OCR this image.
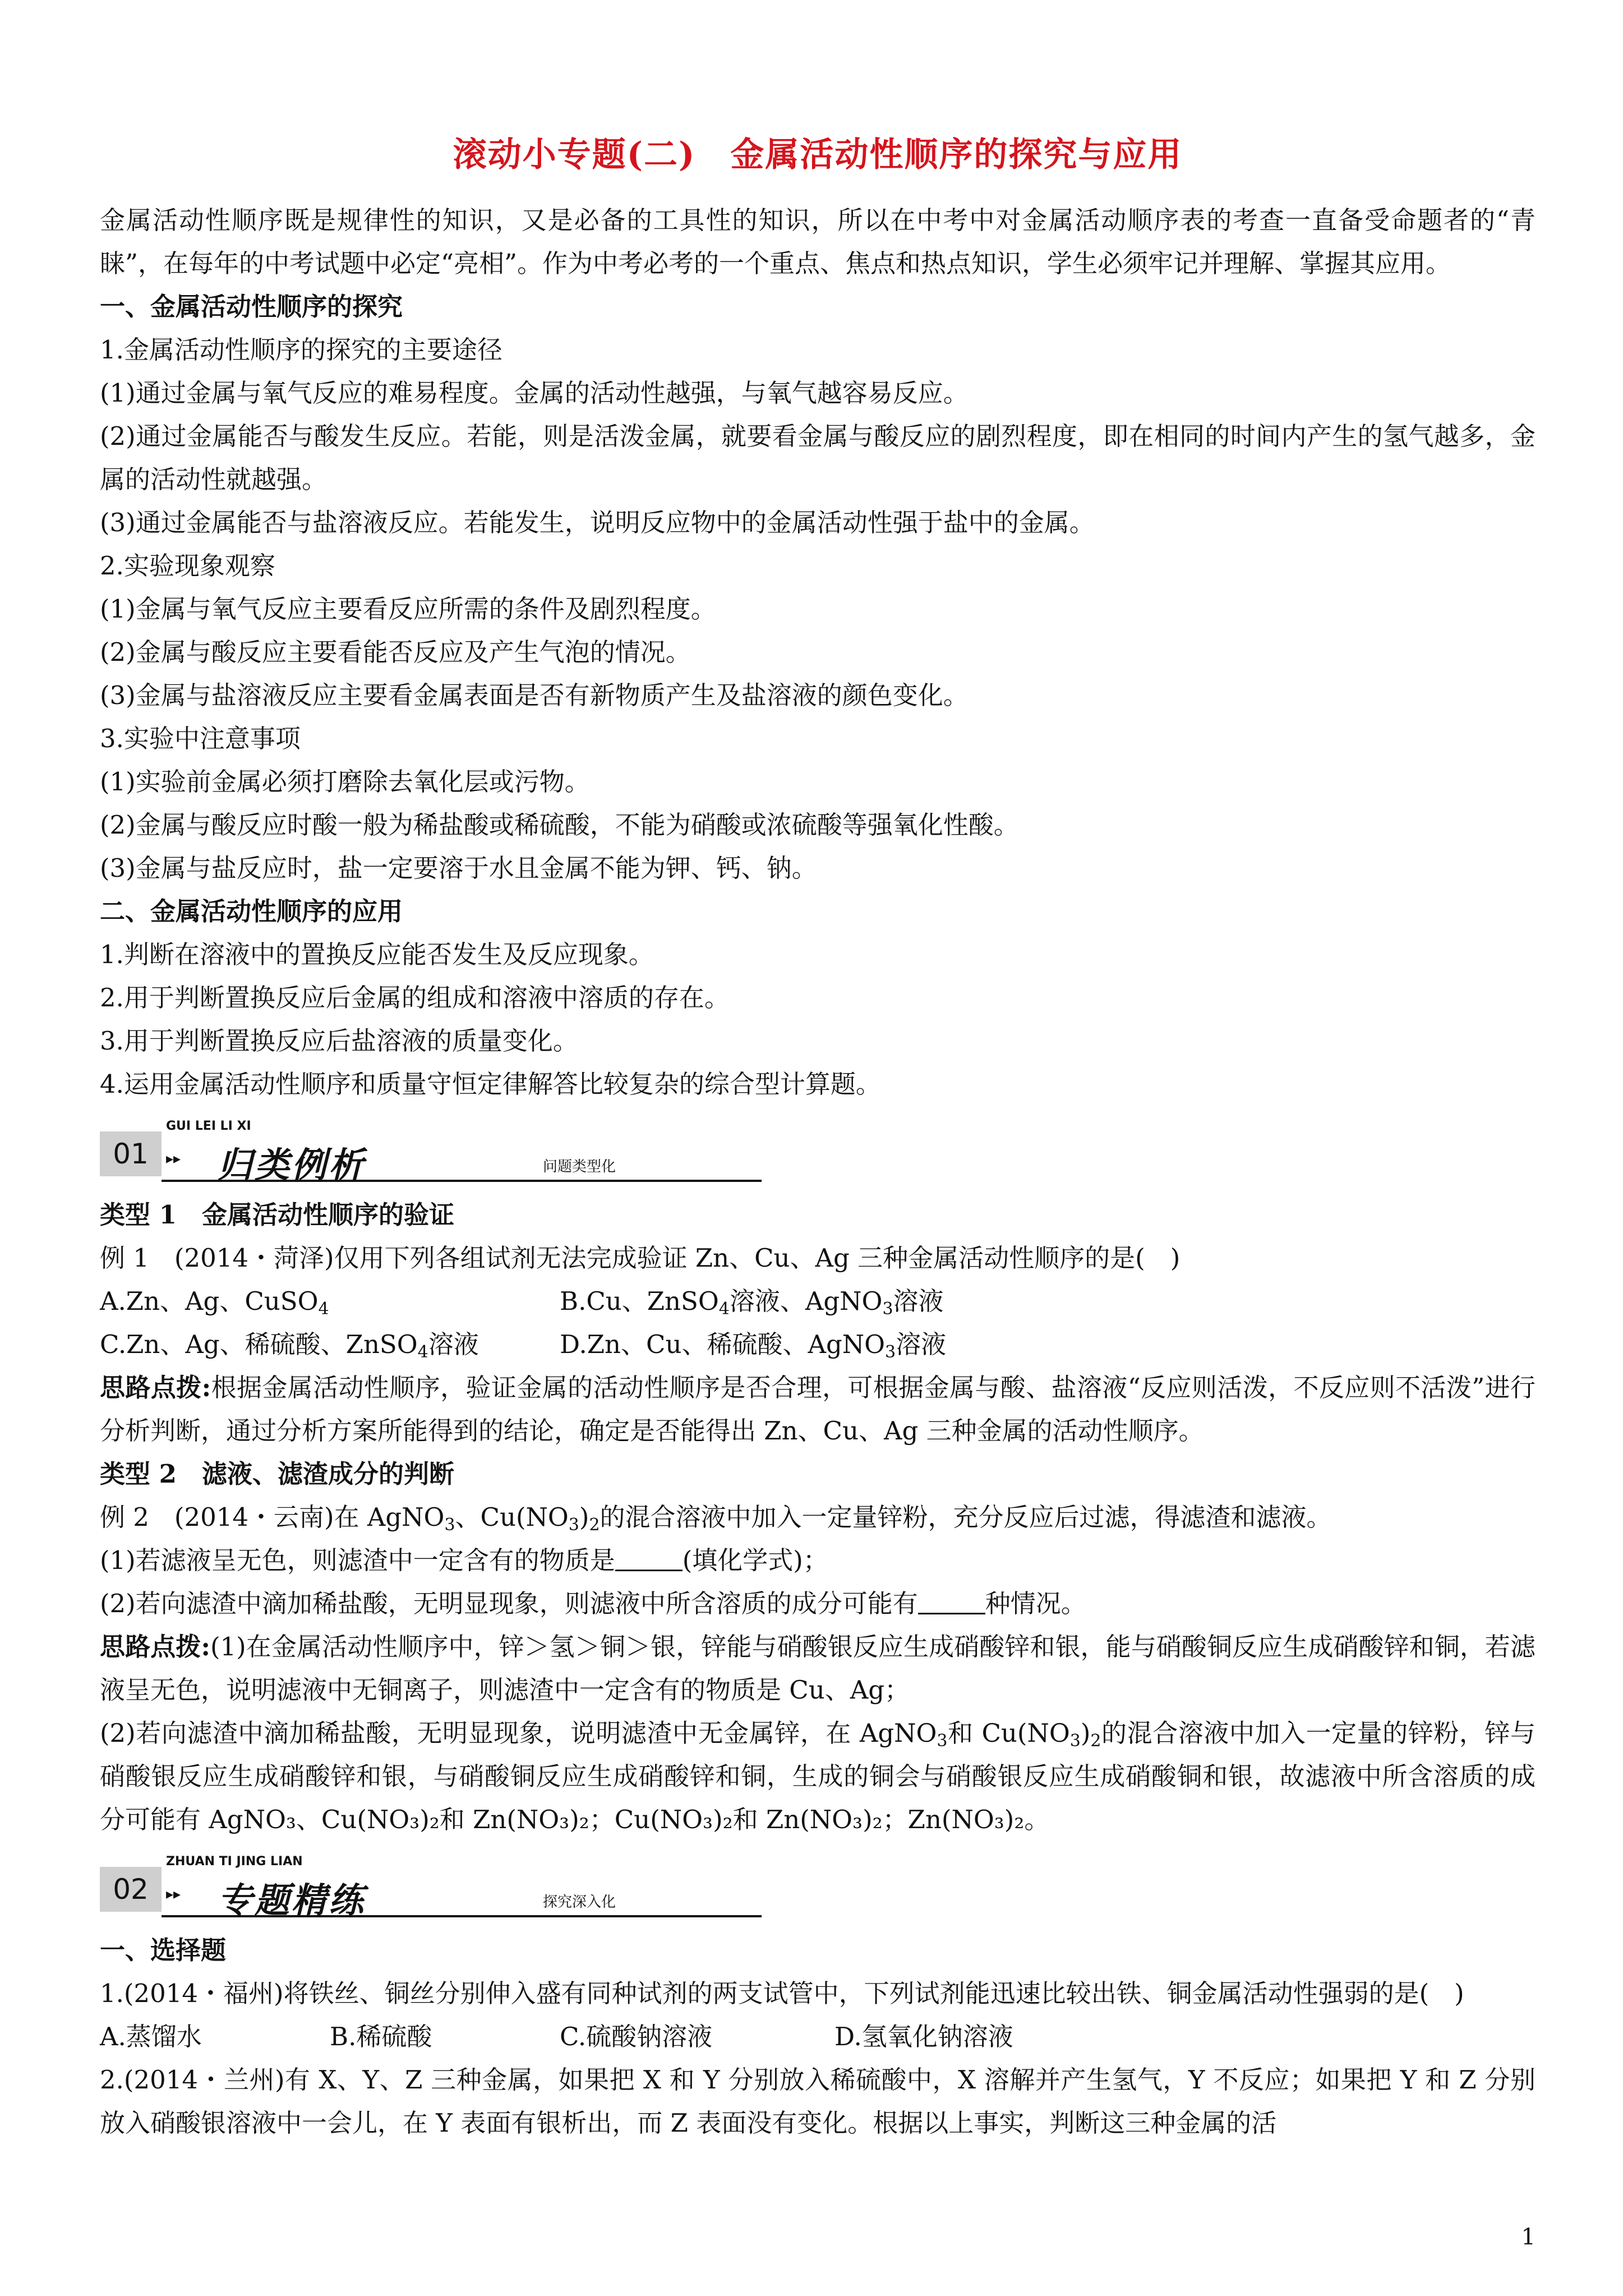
滚动小专题(二)　金属活动性顺序的探究与应用

金属活动性顺序既是规律性的知识，又是必备的工具性的知识，所以在中考中对金属活动顺序表的考查一直备受命题者的“青睐”，在每年的中考试题中必定“亮相”。作为中考必考的一个重点、焦点和热点知识，学生必须牢记并理解、掌握其应用。

一、金属活动性顺序的探究

1.金属活动性顺序的探究的主要途径

(1)通过金属与氧气反应的难易程度。金属的活动性越强，与氧气越容易反应。

(2)通过金属能否与酸发生反应。若能，则是活泼金属，就要看金属与酸反应的剧烈程度，即在相同的时间内产生的氢气越多，金属的活动性就越强。

(3)通过金属能否与盐溶液反应。若能发生，说明反应物中的金属活动性强于盐中的金属。

2.实验现象观察

(1)金属与氧气反应主要看反应所需的条件及剧烈程度。

(2)金属与酸反应主要看能否反应及产生气泡的情况。

(3)金属与盐溶液反应主要看金属表面是否有新物质产生及盐溶液的颜色变化。

3.实验中注意事项

(1)实验前金属必须打磨除去氧化层或污物。

(2)金属与酸反应时酸一般为稀盐酸或稀硫酸，不能为硝酸或浓硫酸等强氧化性酸。

(3)金属与盐反应时，盐一定要溶于水且金属不能为钾、钙、钠。

二、金属活动性顺序的应用

1.判断在溶液中的置换反应能否发生及反应现象。

2.用于判断置换反应后金属的组成和溶液中溶质的存在。

3.用于判断置换反应后盐溶液的质量变化。

4.运用金属活动性顺序和质量守恒定律解答比较复杂的综合型计算题。

01
GUI LEI LI XI
▸▸ 归类例析	问题类型化

类型 1　金属活动性顺序的验证

例 1　(2014・菏泽)仅用下列各组试剂无法完成验证 Zn、Cu、Ag 三种金属活动性顺序的是(　)

A.Zn、Ag、CuSO$_4$	B.Cu、ZnSO$_4$溶液、AgNO$_3$溶液
C.Zn、Ag、稀硫酸、ZnSO$_4$溶液	D.Zn、Cu、稀硫酸、AgNO$_3$溶液

思路点拨:根据金属活动性顺序，验证金属的活动性顺序是否合理，可根据金属与酸、盐溶液“反应则活泼，不反应则不活泼”进行分析判断，通过分析方案所能得到的结论，确定是否能得出 Zn、Cu、Ag 三种金属的活动性顺序。

类型 2　滤液、滤渣成分的判断

例 2　(2014・云南)在 AgNO$_3$、$Cu(NO_3)_2$的混合溶液中加入一定量锌粉，充分反应后过滤，得滤渣和滤液。

(1)若滤液呈无色，则滤渣中一定含有的物质是	(填化学式)；

(2)若向滤渣中滴加稀盐酸，无明显现象，则滤液中所含溶质的成分可能有	种情况。

思路点拨:(1)在金属活动性顺序中，锌＞氢＞铜＞银，锌能与硝酸银反应生成硝酸锌和银，能与硝酸铜反应生成硝酸锌和铜，若滤液呈无色，说明滤液中无铜离子，则滤渣中一定含有的物质是 Cu、Ag；

(2)若向滤渣中滴加稀盐酸，无明显现象，说明滤渣中无金属锌，在 AgNO$_3$和 $Cu(NO_3)_2$的混合溶液中加入一定量的锌粉，锌与硝酸银反应生成硝酸锌和银，与硝酸铜反应生成硝酸锌和铜，生成的铜会与硝酸银反应生成硝酸铜和银，故滤液中所含溶质的成分可能有 AgNO₃、Cu(NO₃)₂和 Zn(NO₃)₂；Cu(NO₃)₂和 Zn(NO₃)₂；Zn(NO₃)₂。

02
ZHUAN TI JING LIAN
▸▸ 专题精练	探究深入化

一、选择题

1.(2014・福州)将铁丝、铜丝分别伸入盛有同种试剂的两支试管中，下列试剂能迅速比较出铁、铜金属活动性强弱的是(　)

A.蒸馏水	B.稀硫酸	C.硫酸钠溶液	D.氢氧化钠溶液

2.(2014・兰州)有 X、Y、Z 三种金属，如果把 X 和 Y 分别放入稀硫酸中，X 溶解并产生氢气，Y 不反应；如果把 Y 和 Z 分别放入硝酸银溶液中一会儿，在 Y 表面有银析出，而 Z 表面没有变化。根据以上事实，判断这三种金属的活

1
